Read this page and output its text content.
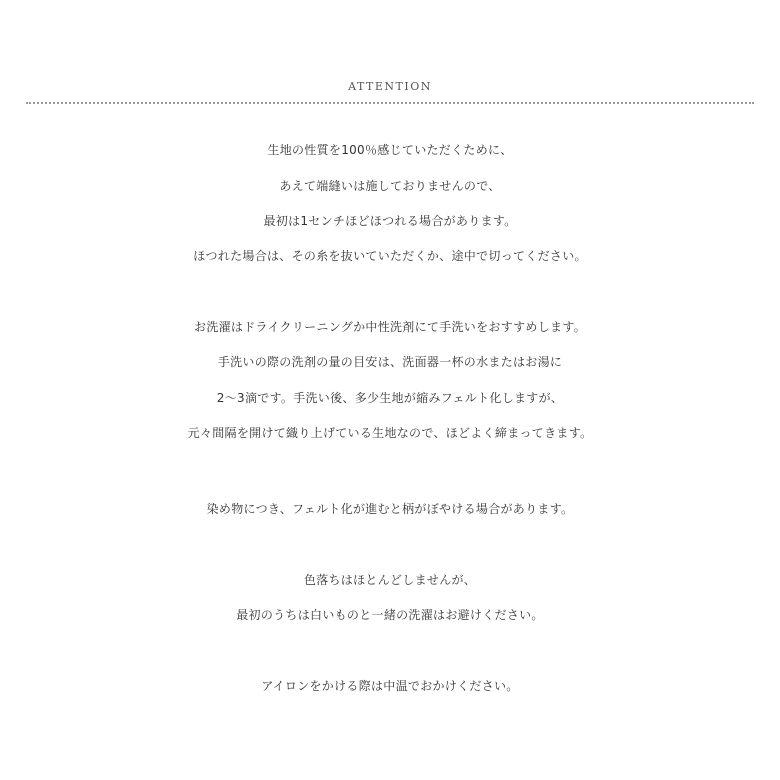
ATTENTION
生地の性質を100％感じていただくために、
あえて端縫いは施しておりませんので、
最初は1センチほどほつれる場合があります。
ほつれた場合は、その糸を抜いていただくか、途中で切ってください。
お洗濯はドライクリーニングか中性洗剤にて手洗いをおすすめします。
手洗いの際の洗剤の量の目安は、洗面器一杯の水またはお湯に
2〜3滴です。手洗い後、多少生地が縮みフェルト化しますが、
元々間隔を開けて織り上げている生地なので、ほどよく締まってきます。
染め物につき、フェルト化が進むと柄がぼやける場合があります。
色落ちはほとんどしませんが、
最初のうちは白いものと一緒の洗濯はお避けください。
アイロンをかける際は中温でおかけください。
